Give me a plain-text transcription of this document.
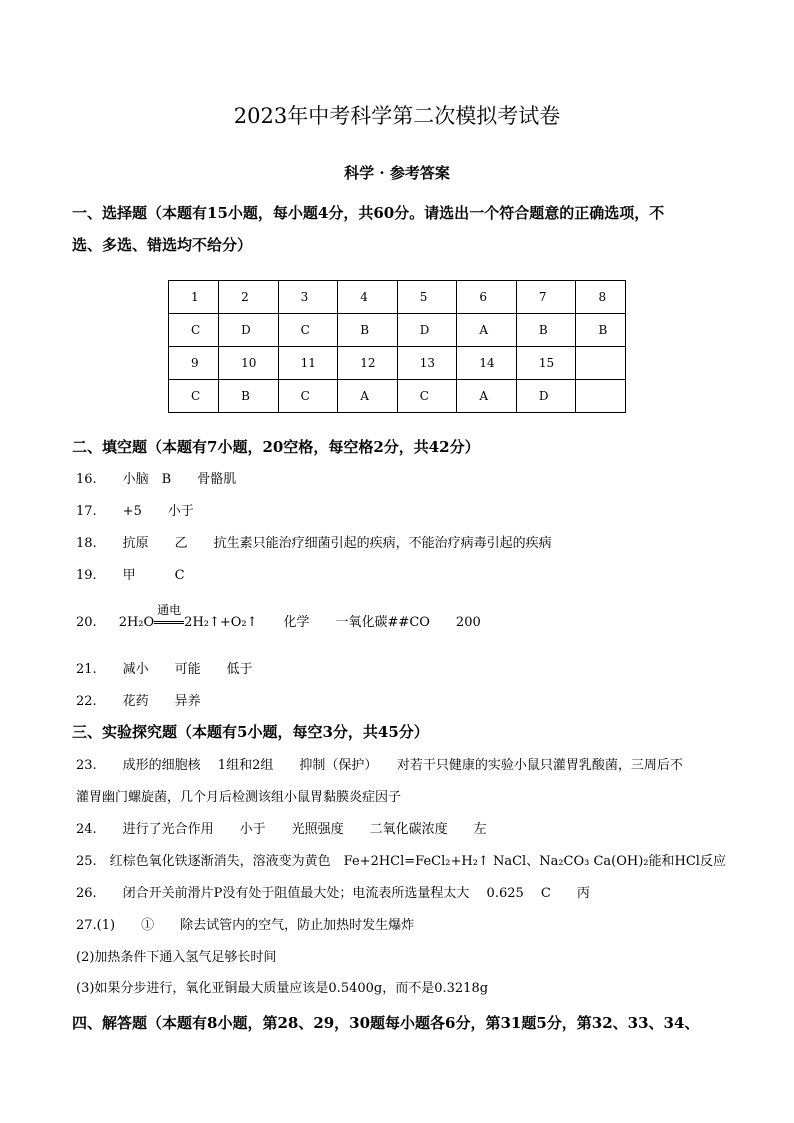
2023年中考科学第二次模拟考试卷
科学 · 参考答案
一、选择题（本题有15小题，每小题4分，共60分。请选出一个符合题意的正确选项，不
选、多选、错选均不给分）
1	2	3	4	5	6	7	8
C	D	C	B	D	A	B	B
9	10	11	12	13	14	15	
C	B	C	A	C	A	D	
二、填空题（本题有7小题，20空格，每空格2分，共42分）
16.　　小脑　B　　骨骼肌
17.　　+5　　小于
18.　　抗原　　乙　　抗生素只能治疗细菌引起的疾病，不能治疗病毒引起的疾病
19.　　甲　　　C
20. 2H₂O
通电
2H₂↑+O₂↑　　化学　　一氧化碳##CO　　200
21.　　减小　　可能　　低于
22.　　花药　　异养
三、实验探究题（本题有5小题，每空3分，共45分）
23.　　成形的细胞核　 1组和2组　　抑制（保护）　　对若干只健康的实验小鼠只灌胃乳酸菌，三周后不
灌胃幽门螺旋菌，几个月后检测该组小鼠胃黏膜炎症因子
24.　　进行了光合作用　　小于　　光照强度　　二氧化碳浓度　　左
25.　红棕色氧化铁逐渐消失，溶液变为黄色　Fe+2HCl=FeCl₂+H₂↑ NaCl、Na₂CO₃ Ca(OH)₂能和HCl反应
26.　　闭合开关前滑片P没有处于阻值最大处；电流表所选量程太大　 0.625　 C　　丙
27.(1)　　①　　除去试管内的空气，防止加热时发生爆炸
(2)加热条件下通入氢气足够长时间
(3)如果分步进行，氧化亚铜最大质量应该是0.5400g，而不是0.3218g
四、解答题（本题有8小题，第28、29，30题每小题各6分，第31题5分，第32、33、34、
